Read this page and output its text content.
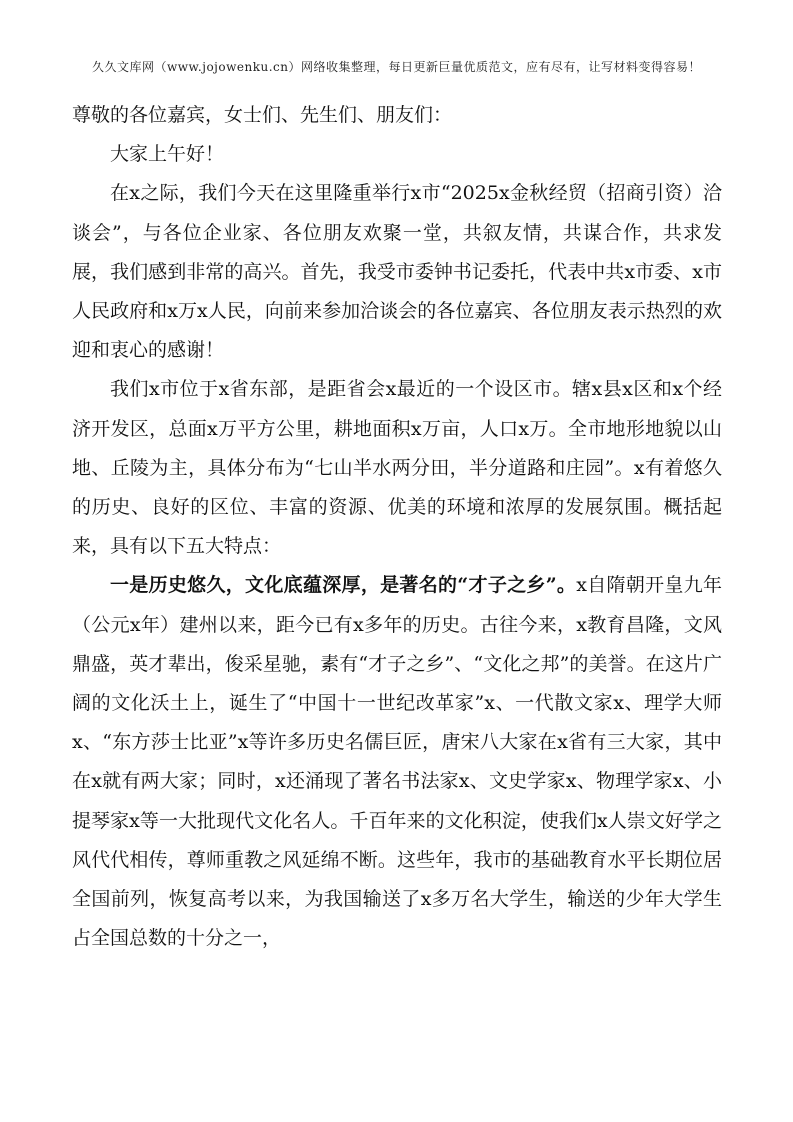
久久文库网（www.jojowenku.cn）网络收集整理，每日更新巨量优质范文，应有尽有，让写材料变得容易！

尊敬的各位嘉宾，女士们、先生们、朋友们：

大家上午好！

在x之际，我们今天在这里隆重举行x市“2025x金秋经贸（招商引资）洽谈会”，与各位企业家、各位朋友欢聚一堂，共叙友情，共谋合作，共求发展，我们感到非常的高兴。首先，我受市委钟书记委托，代表中共x市委、x市人民政府和x万x人民，向前来参加洽谈会的各位嘉宾、各位朋友表示热烈的欢迎和衷心的感谢！

我们x市位于x省东部，是距省会x最近的一个设区市。辖x县x区和x个经济开发区，总面x万平方公里，耕地面积x万亩，人口x万。全市地形地貌以山地、丘陵为主，具体分布为“七山半水两分田，半分道路和庄园”。x有着悠久的历史、良好的区位、丰富的资源、优美的环境和浓厚的发展氛围。概括起来，具有以下五大特点：

一是历史悠久，文化底蕴深厚，是著名的“才子之乡”。x自隋朝开皇九年（公元x年）建州以来，距今已有x多年的历史。古往今来，x教育昌隆，文风鼎盛，英才辈出，俊采星驰，素有“才子之乡”、“文化之邦”的美誉。在这片广阔的文化沃土上，诞生了“中国十一世纪改革家”x、一代散文家x、理学大师x、“东方莎士比亚”x等许多历史名儒巨匠，唐宋八大家在x省有三大家，其中在x就有两大家；同时，x还涌现了著名书法家x、文史学家x、物理学家x、小提琴家x等一大批现代文化名人。千百年来的文化积淀，使我们x人崇文好学之风代代相传，尊师重教之风延绵不断。这些年，我市的基础教育水平长期位居全国前列，恢复高考以来，为我国输送了x多万名大学生，输送的少年大学生占全国总数的十分之一，
